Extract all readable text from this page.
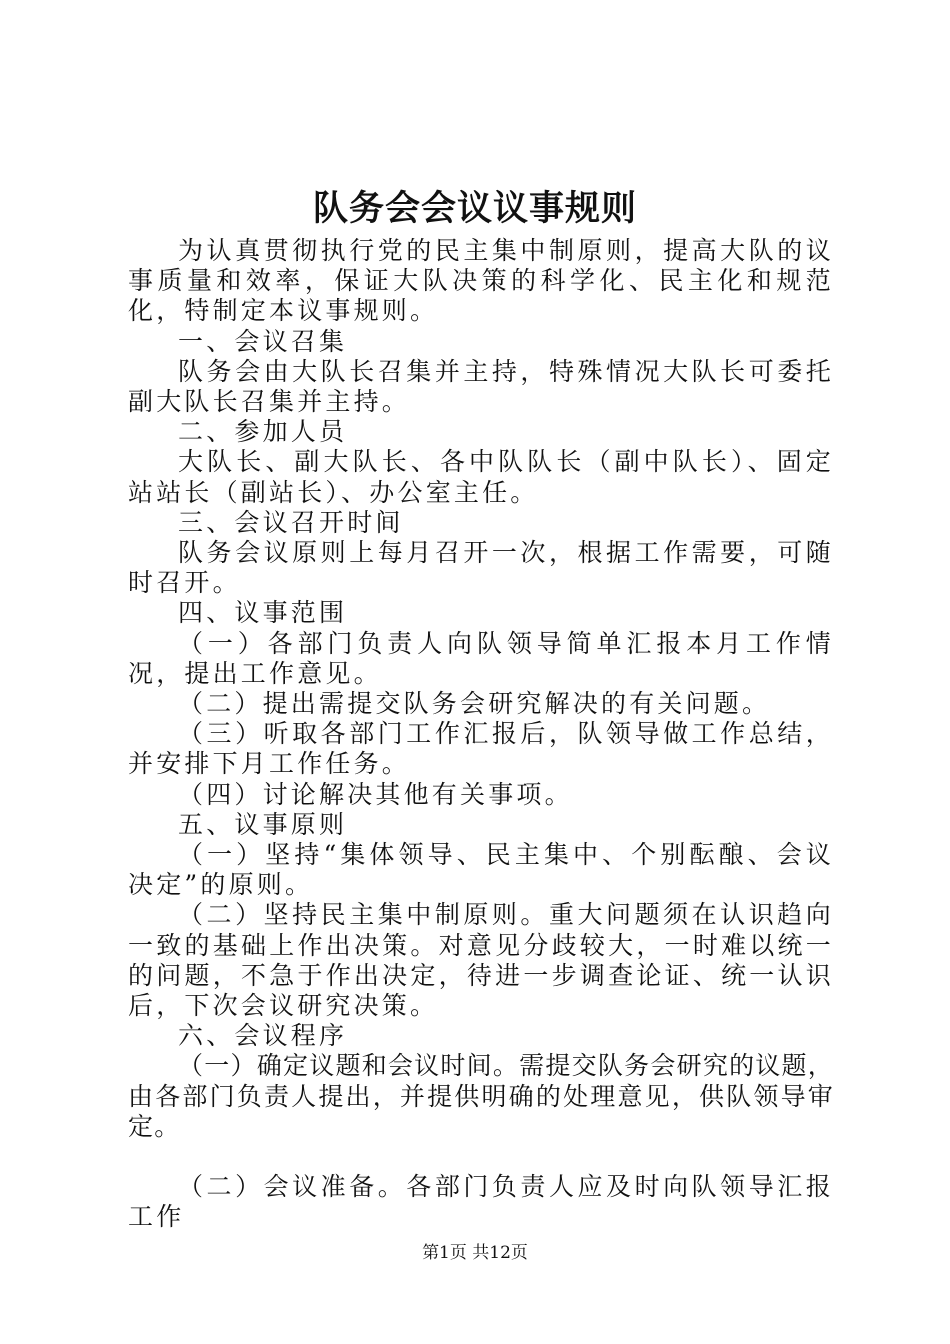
队务会会议议事规则

为认真贯彻执行党的民主集中制原则，提高大队的议事质量和效率，保证大队决策的科学化、民主化和规范化，特制定本议事规则。

一、会议召集

队务会由大队长召集并主持，特殊情况大队长可委托副大队长召集并主持。

二、参加人员

大队长、副大队长、各中队队长（副中队长）、固定站站长（副站长）、办公室主任。

三、会议召开时间

队务会议原则上每月召开一次，根据工作需要，可随时召开。

四、议事范围

（一）各部门负责人向队领导简单汇报本月工作情况，提出工作意见。

（二）提出需提交队务会研究解决的有关问题。

（三）听取各部门工作汇报后，队领导做工作总结，并安排下月工作任务。

（四）讨论解决其他有关事项。

五、议事原则

（一）坚持“集体领导、民主集中、个别酝酿、会议决定”的原则。

（二）坚持民主集中制原则。重大问题须在认识趋向一致的基础上作出决策。对意见分歧较大，一时难以统一的问题，不急于作出决定，待进一步调查论证、统一认识后，下次会议研究决策。

六、会议程序

（一）确定议题和会议时间。需提交队务会研究的议题，由各部门负责人提出，并提供明确的处理意见，供队领导审定。

（二）会议准备。各部门负责人应及时向队领导汇报工作

第1页 共12页
